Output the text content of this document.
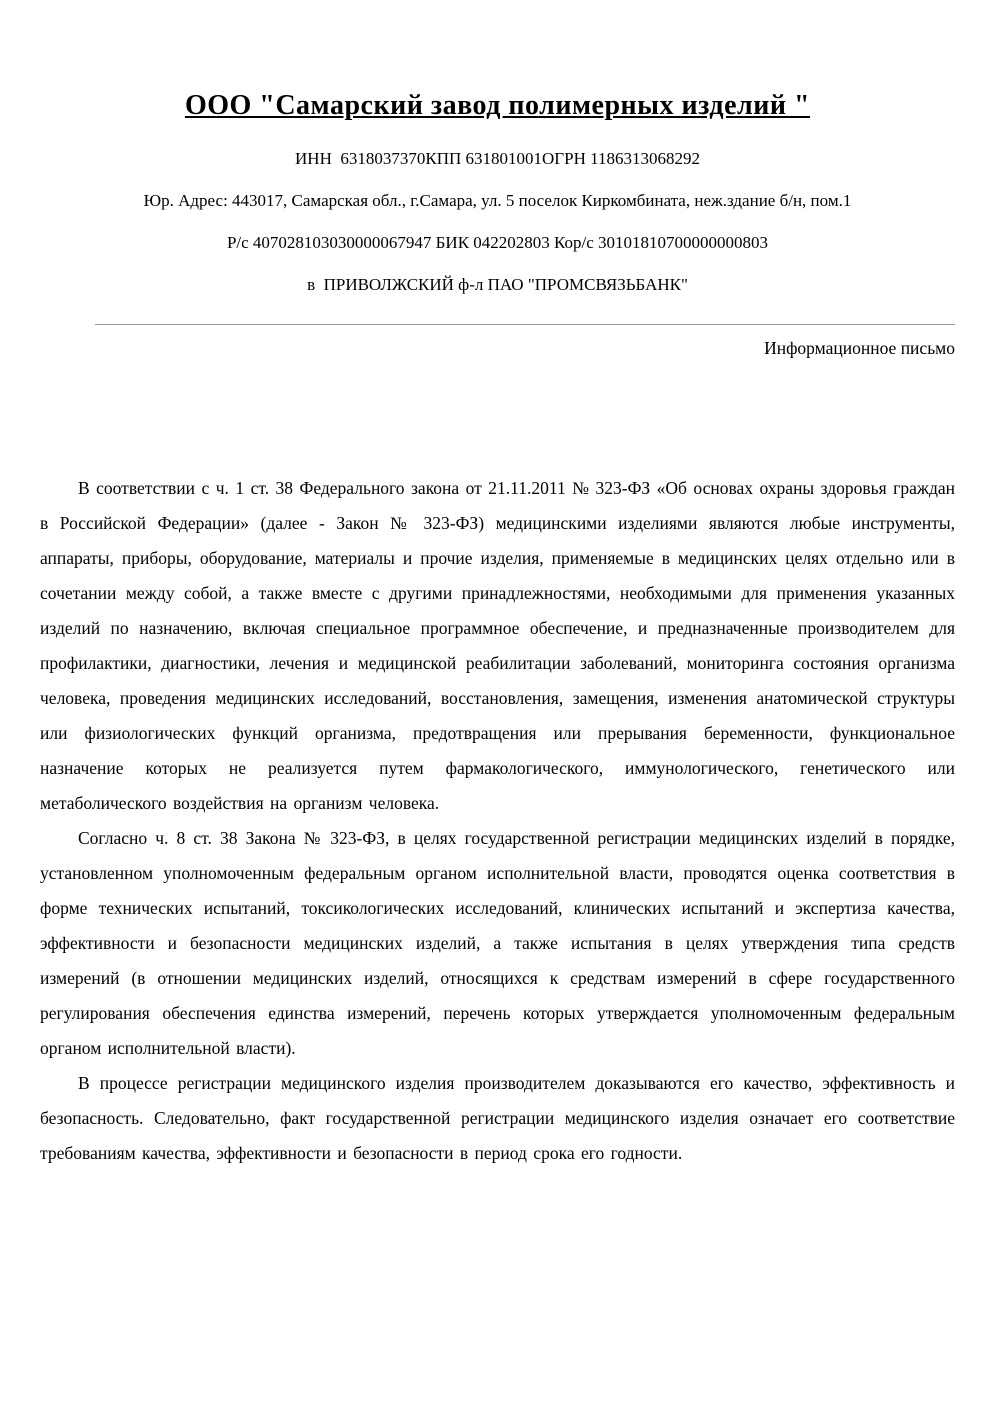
ООО "Самарский завод полимерных изделий "

ИНН  6318037370КПП 631801001ОГРН 1186313068292

Юр. Адрес: 443017, Самарская обл., г.Самара, ул. 5 поселок Киркомбината, неж.здание б/н, пом.1

Р/с 407028103030000067947 БИК 042202803 Кор/с 30101810700000000803

в  ПРИВОЛЖСКИЙ ф-л ПАО "ПРОМСВЯЗЬБАНК"

Информационное письмо

В соответствии с ч. 1 ст. 38 Федерального закона от 21.11.2011 № 323-ФЗ «Об основах охраны здоровья граждан в Российской Федерации» (далее - Закон № 323-ФЗ) медицинскими изделиями являются любые инструменты, аппараты, приборы, оборудование, материалы и прочие изделия, применяемые в медицинских целях отдельно или в сочетании между собой, а также вместе с другими принадлежностями, необходимыми для применения указанных изделий по назначению, включая специальное программное обеспечение, и предназначенные производителем для профилактики, диагностики, лечения и медицинской реабилитации заболеваний, мониторинга состояния организма человека, проведения медицинских исследований, восстановления, замещения, изменения анатомической структуры или физиологических функций организма, предотвращения или прерывания беременности, функциональное назначение которых не реализуется путем фармакологического, иммунологического, генетического или метаболического воздействия на организм человека.

Согласно ч. 8 ст. 38 Закона № 323-ФЗ, в целях государственной регистрации медицинских изделий в порядке, установленном уполномоченным федеральным органом исполнительной власти, проводятся оценка соответствия в форме технических испытаний, токсикологических исследований, клинических испытаний и экспертиза качества, эффективности и безопасности медицинских изделий, а также испытания в целях утверждения типа средств измерений (в отношении медицинских изделий, относящихся к средствам измерений в сфере государственного регулирования обеспечения единства измерений, перечень которых утверждается уполномоченным федеральным органом исполнительной власти).

В процессе регистрации медицинского изделия производителем доказываются его качество, эффективность и безопасность. Следовательно, факт государственной регистрации медицинского изделия означает его соответствие требованиям качества, эффективности и безопасности в период срока его годности.
